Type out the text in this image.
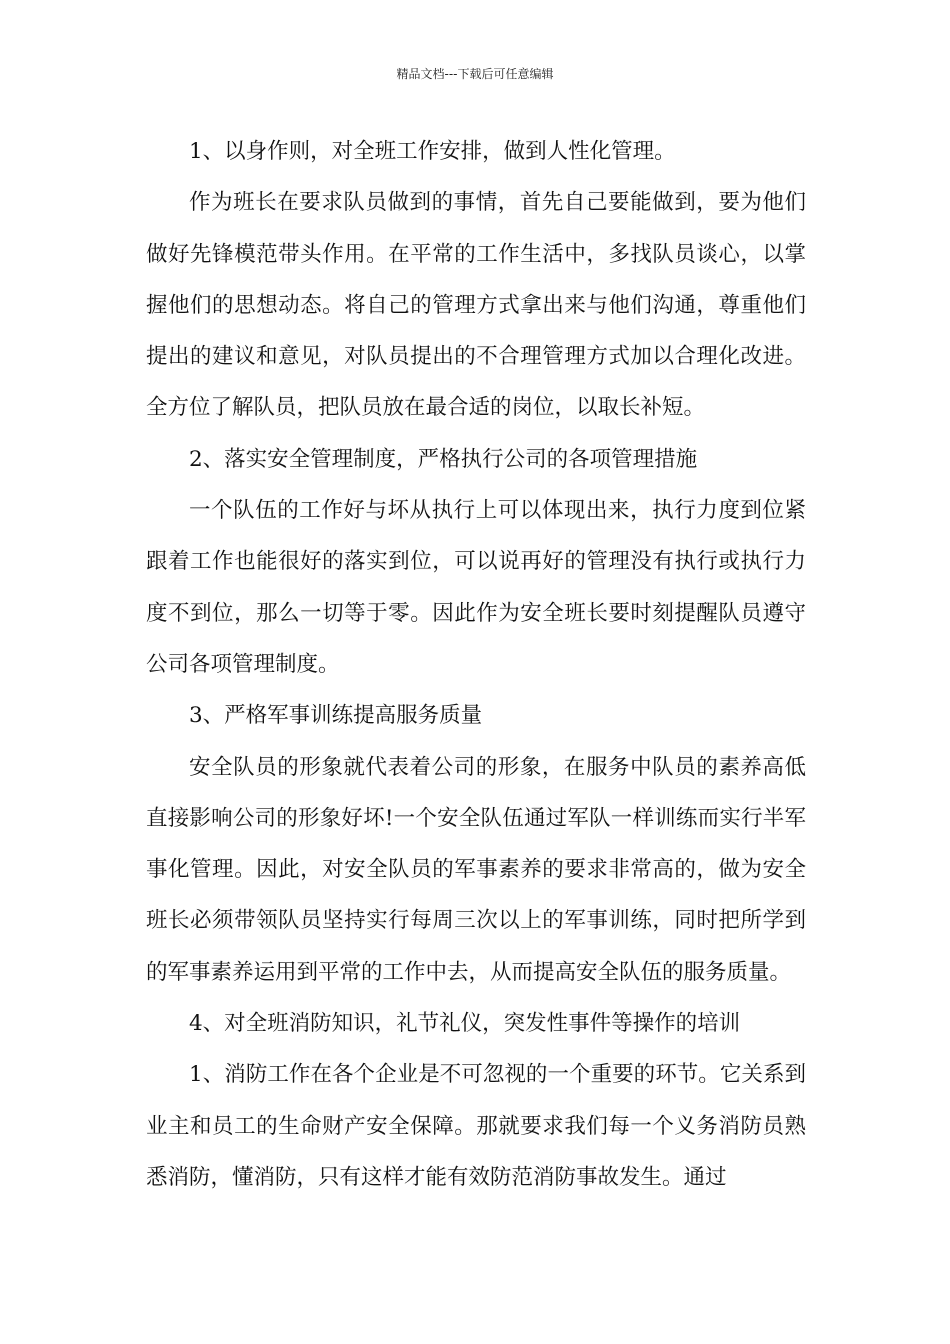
精品文档---下载后可任意编辑

1、以身作则，对全班工作安排，做到人性化管理。

作为班长在要求队员做到的事情，首先自己要能做到，要为他们做好先锋模范带头作用。在平常的工作生活中，多找队员谈心，以掌握他们的思想动态。将自己的管理方式拿出来与他们沟通，尊重他们提出的建议和意见，对队员提出的不合理管理方式加以合理化改进。全方位了解队员，把队员放在最合适的岗位，以取长补短。

2、落实安全管理制度，严格执行公司的各项管理措施

一个队伍的工作好与坏从执行上可以体现出来，执行力度到位紧跟着工作也能很好的落实到位，可以说再好的管理没有执行或执行力度不到位，那么一切等于零。因此作为安全班长要时刻提醒队员遵守公司各项管理制度。

3、严格军事训练提高服务质量

安全队员的形象就代表着公司的形象，在服务中队员的素养高低直接影响公司的形象好坏!一个安全队伍通过军队一样训练而实行半军事化管理。因此，对安全队员的军事素养的要求非常高的，做为安全班长必须带领队员坚持实行每周三次以上的军事训练，同时把所学到的军事素养运用到平常的工作中去，从而提高安全队伍的服务质量。

4、对全班消防知识，礼节礼仪，突发性事件等操作的培训

1、消防工作在各个企业是不可忽视的一个重要的环节。它关系到业主和员工的生命财产安全保障。那就要求我们每一个义务消防员熟悉消防，懂消防，只有这样才能有效防范消防事故发生。通过
